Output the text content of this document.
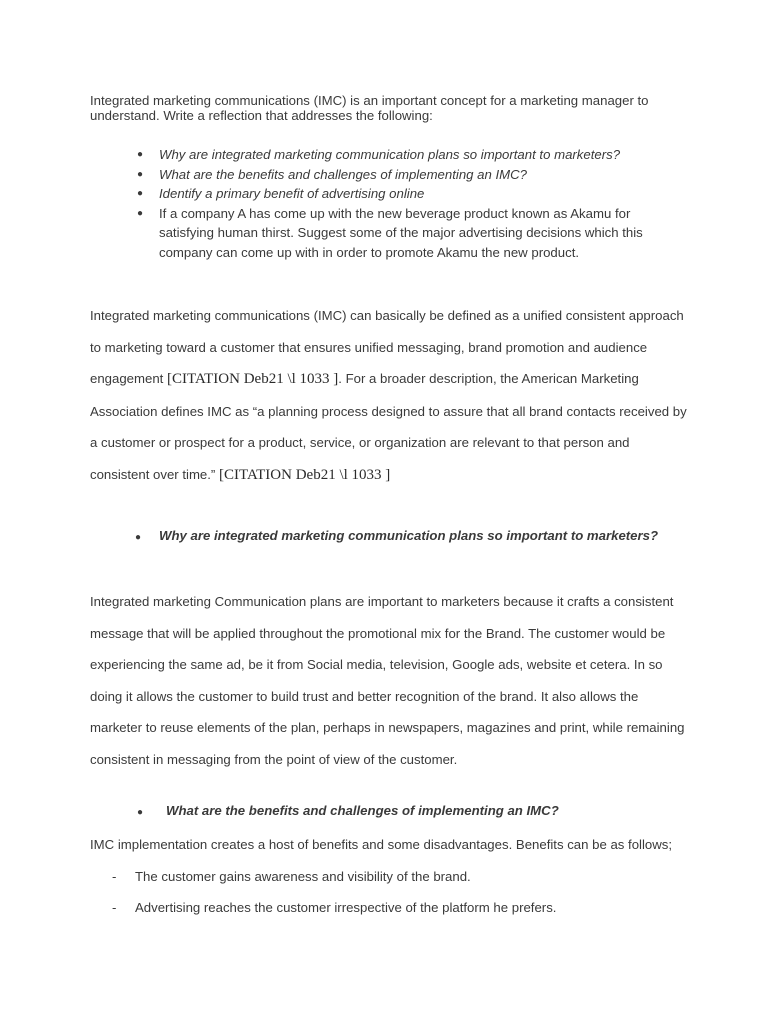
Integrated marketing communications (IMC) is an important concept for a marketing manager to understand. Write a reflection that addresses the following:

● Why are integrated marketing communication plans so important to marketers?
● What are the benefits and challenges of implementing an IMC?
● Identify a primary benefit of advertising online
● If a company A has come up with the new beverage product known as Akamu for satisfying human thirst. Suggest some of the major advertising decisions which this company can come up with in order to promote Akamu the new product.

Integrated marketing communications (IMC) can basically be defined as a unified consistent approach to marketing toward a customer that ensures unified messaging, brand promotion and audience engagement [CITATION Deb21 \l 1033 ]. For a broader description, the American Marketing Association defines IMC as “a planning process designed to assure that all brand contacts received by a customer or prospect for a product, service, or organization are relevant to that person and consistent over time.” [CITATION Deb21 \l 1033 ]

● Why are integrated marketing communication plans so important to marketers?

Integrated marketing Communication plans are important to marketers because it crafts a consistent message that will be applied throughout the promotional mix for the Brand. The customer would be experiencing the same ad, be it from Social media, television, Google ads, website et cetera. In so doing it allows the customer to build trust and better recognition of the brand. It also allows the marketer to reuse elements of the plan, perhaps in newspapers, magazines and print, while remaining consistent in messaging from the point of view of the customer.

● What are the benefits and challenges of implementing an IMC?

IMC implementation creates a host of benefits and some disadvantages. Benefits can be as follows;

- The customer gains awareness and visibility of the brand.
- Advertising reaches the customer irrespective of the platform he prefers.
